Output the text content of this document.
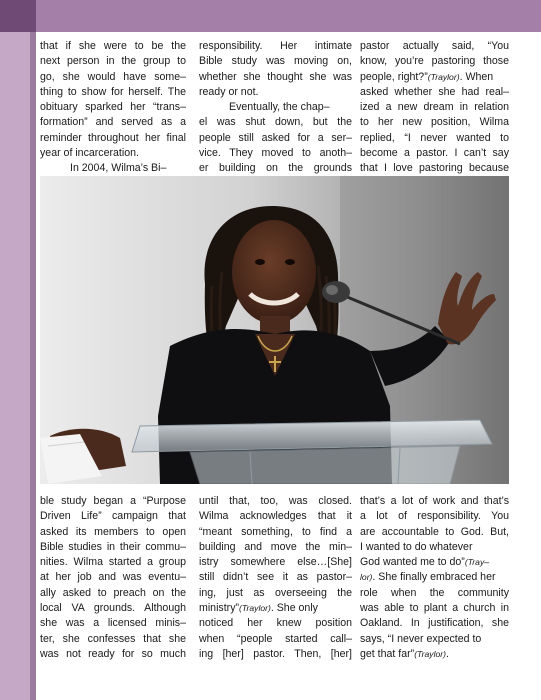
that if she were to be the
next person in the group to
go, she would have some–
thing to show for herself. The
obituary sparked her “trans–
formation” and served as a
reminder throughout her final
year of incarceration.
In 2004, Wilma’s Bi–
responsibility. Her intimate
Bible study was moving on,
whether she thought she was
ready or not.
Eventually, the chap–
el was shut down, but the
people still asked for a ser–
vice. They moved to anoth–
er building on the grounds
pastor actually said, “You
know, you’re pastoring those
people, right?”(Traylor). When
asked whether she had real–
ized a new dream in relation
to her new position, Wilma
replied, “I never wanted to
become a pastor. I can’t say
that I love pastoring because
ble study began a “Purpose
Driven Life” campaign that
asked its members to open
Bible studies in their commu–
nities. Wilma started a group
at her job and was eventu–
ally asked to preach on the
local VA grounds. Although
she was a licensed minis–
ter, she confesses that she
was not ready for so much
until that, too, was closed.
Wilma acknowledges that it
“meant something, to find a
building and move the min–
istry somewhere else…[She]
still didn’t see it as pastor–
ing, just as overseeing the
ministry”(Traylor). She only
noticed her knew position
when “people started call–
ing [her] pastor. Then, [her]
that’s a lot of work and that’s
a lot of responsibility. You
are accountable to God. But,
I wanted to do whatever
God wanted me to do”(Tray–
lor). She finally embraced her
role when the community
was able to plant a church in
Oakland. In justification, she
says, “I never expected to
get that far”(Traylor).
